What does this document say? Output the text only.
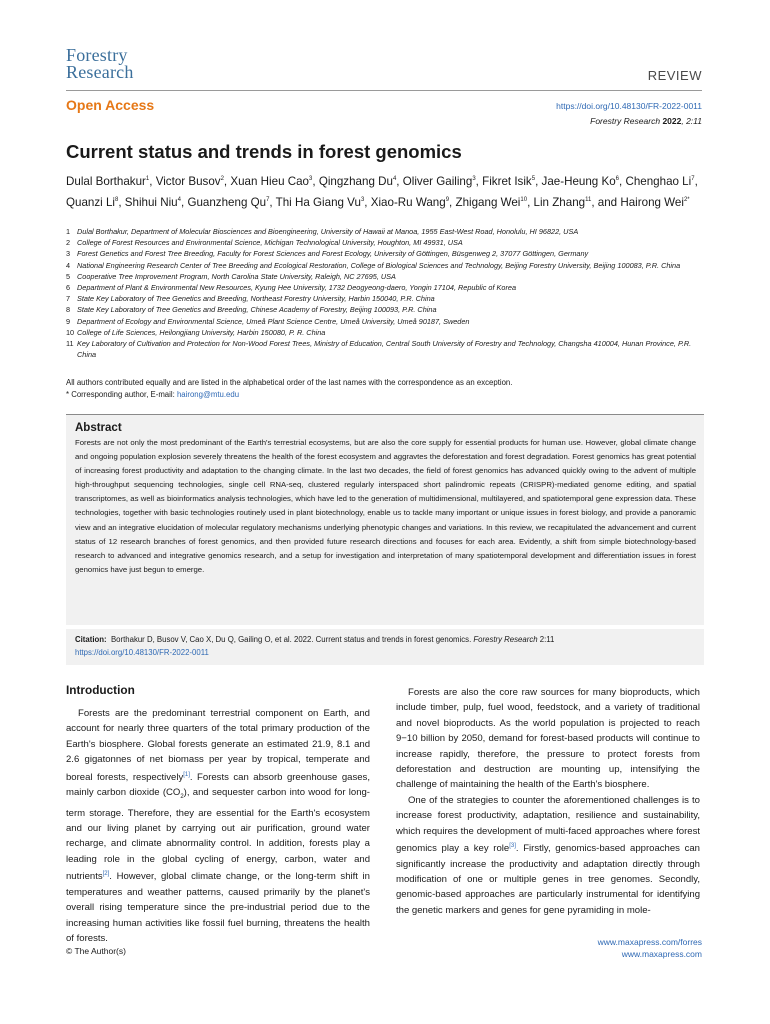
Forestry
Research	REVIEW
Open Access	https://doi.org/10.48130/FR-2022-0011
Forestry Research 2022, 2:11
Current status and trends in forest genomics

Dulal Borthakur$^1$, Victor Busov$^2$, Xuan Hieu Cao$^3$, Qingzhang Du$^4$, Oliver Gailing$^3$, Fikret Isik$^5$, Jae-Heung Ko$^6$, Chenghao Li$^7$, Quanzi Li$^8$, Shihui Niu$^4$, Guanzheng Qu$^7$, Thi Ha Giang Vu$^3$, Xiao-Ru Wang$^9$, Zhigang Wei$^{10}$, Lin Zhang$^{11}$, and Hairong Wei$^{2*}$

1 Dulal Borthakur, Department of Molecular Biosciences and Bioengineering, University of Hawaii at Manoa, 1955 East-West Road, Honolulu, HI 96822, USA
2 College of Forest Resources and Environmental Science, Michigan Technological University, Houghton, MI 49931, USA
3 Forest Genetics and Forest Tree Breeding, Faculty for Forest Sciences and Forest Ecology, University of Göttingen, Büsgenweg 2, 37077 Göttingen, Germany
4 National Engineering Research Center of Tree Breeding and Ecological Restoration, College of Biological Sciences and Technology, Beijing Forestry University, Beijing 100083, P.R. China
5 Cooperative Tree Improvement Program, North Carolina State University, Raleigh, NC 27695, USA
6 Department of Plant & Environmental New Resources, Kyung Hee University, 1732 Deogyeong-daero, Yongin 17104, Republic of Korea
7 State Key Laboratory of Tree Genetics and Breeding, Northeast Forestry University, Harbin 150040, P.R. China
8 State Key Laboratory of Tree Genetics and Breeding, Chinese Academy of Forestry, Beijing 100093, P.R. China
9 Department of Ecology and Environmental Science, Umeå Plant Science Centre, Umeå University, Umeå 90187, Sweden
10 College of Life Sciences, Heilongjiang University, Harbin 150080, P. R. China
11 Key Laboratory of Cultivation and Protection for Non-Wood Forest Trees, Ministry of Education, Central South University of Forestry and Technology, Changsha 410004, Hunan Province, P.R. China
All authors contributed equally and are listed in the alphabetical order of the last names with the correspondence as an exception.
* Corresponding author, E-mail: hairong@mtu.edu
Abstract

Forests are not only the most predominant of the Earth's terrestrial ecosystems, but are also the core supply for essential products for human use. However, global climate change and ongoing population explosion severely threatens the health of the forest ecosystem and aggravtes the deforestation and forest degradation. Forest genomics has great potential of increasing forest productivity and adaptation to the changing climate. In the last two decades, the field of forest genomics has advanced quickly owing to the advent of multiple high-throughput sequencing technologies, single cell RNA-seq, clustered regularly interspaced short palindromic repeats (CRISPR)-mediated genome editing, and spatial transcriptomes, as well as bioinformatics analysis technologies, which have led to the generation of multidimensional, multilayered, and spatiotemporal gene expression data. These technologies, together with basic technologies routinely used in plant biotechnology, enable us to tackle many important or unique issues in forest biology, and provide a panoramic view and an integrative elucidation of molecular regulatory mechanisms underlying phenotypic changes and variations. In this review, we recapitulated the advancement and current status of 12 research branches of forest genomics, and then provided future research directions and focuses for each area. Evidently, a shift from simple biotechnology-based research to advanced and integrative genomics research, and a setup for investigation and interpretation of many spatiotemporal development and differentiation issues in forest genomics have just begun to emerge.

Citation: Borthakur D, Busov V, Cao X, Du Q, Gailing O, et al. 2022. Current status and trends in forest genomics. Forestry Research 2:11
https://doi.org/10.48130/FR-2022-0011
Introduction

Forests are the predominant terrestrial component on Earth, and account for nearly three quarters of the total primary production of the Earth's biosphere. Global forests generate an estimated 21.9, 8.1 and 2.6 gigatonnes of net biomass per year by tropical, temperate and boreal forests, respectively[1]. Forests can absorb greenhouse gases, mainly carbon dioxide $(CO_2)$, and sequester carbon into wood for long-term storage. Therefore, they are essential for the Earth's ecosystem and our living planet by carrying out air purification, ground water recharge, and climate abnormality control. In addition, forests play a leading role in the global cycling of energy, carbon, water and nutrients[2]. However, global climate change, or the long-term shift in temperatures and weather patterns, caused primarily by the planet's overall rising temperature since the pre-industrial period due to the increasing human activities like fossil fuel burning, threatens the health of forests.

Forests are also the core raw sources for many bioproducts, which include timber, pulp, fuel wood, feedstock, and a variety of traditional and novel bioproducts. As the world population is projected to reach 9−10 billion by 2050, demand for forest-based products will continue to increase rapidly, therefore, the pressure to protect forests from deforestation and destruction are mounting up, intensifying the challenge of maintaining the health of the Earth's biosphere.

One of the strategies to counter the aforementioned challenges is to increase forest productivity, adaptation, resilience and sustainability, which requires the development of multi-faced approaches where forest genomics play a key role[3]. Firstly, genomics-based approaches can significantly increase the productivity and adaptation directly through modification of one or multiple genes in tree genomes. Secondly, genomic-based approaches are particularly instrumental for identifying the genetic markers and genes for gene pyramiding in mole-

© The Author(s)
www.maxapress.com/forres
www.maxapress.com
